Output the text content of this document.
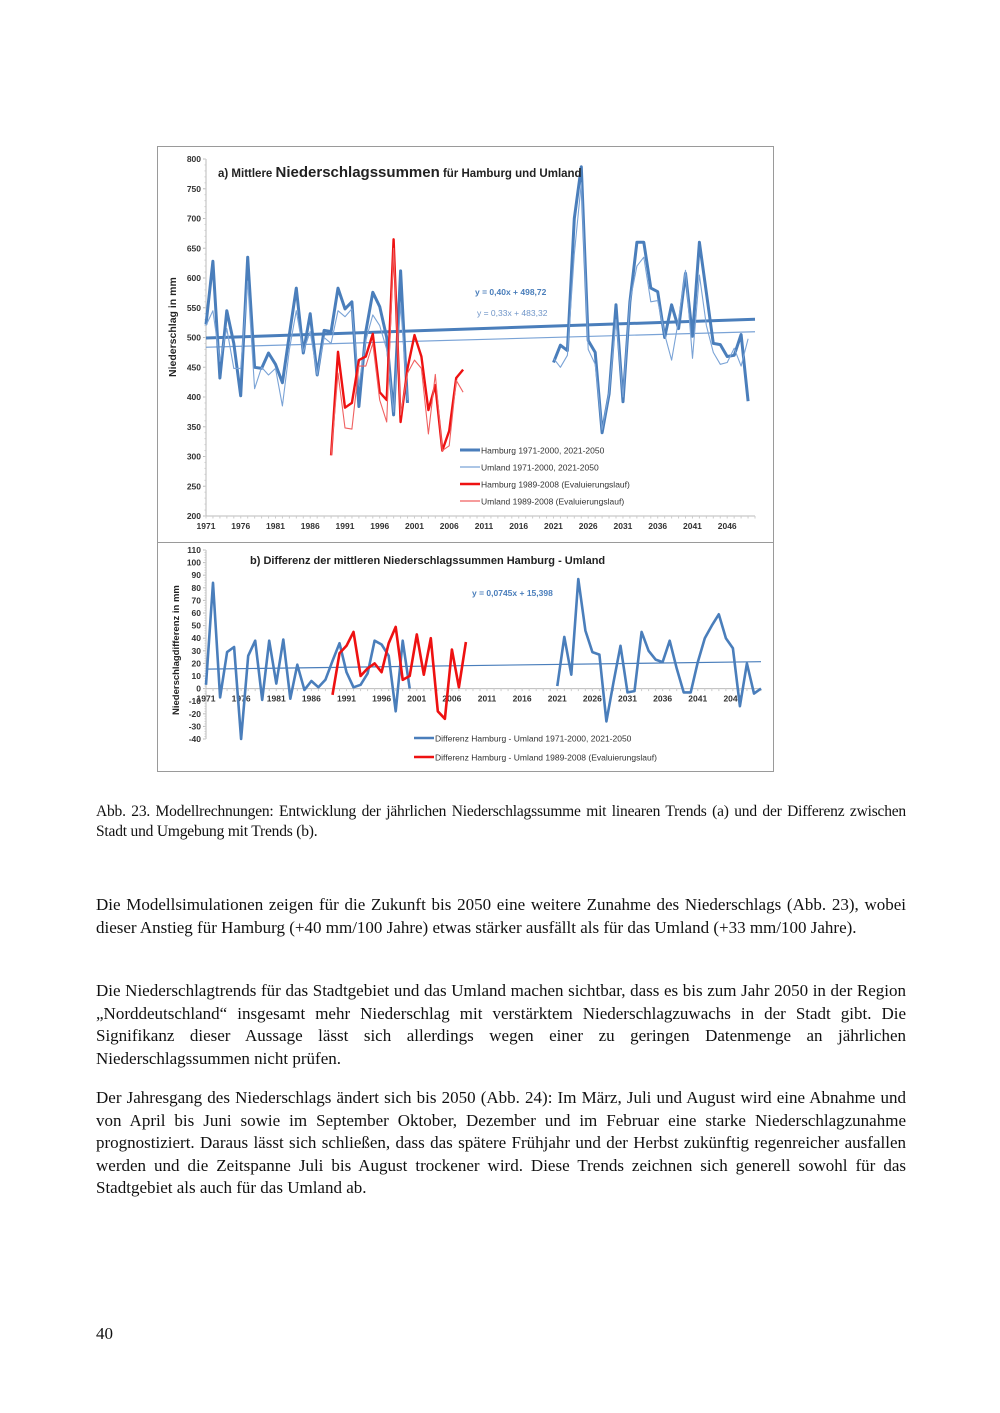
200
250
300
350
400
450
500
550
600
650
700
750
800
1971 1976 1981 1986 1991 1996 2001 2006 2011 2016 2021 2026 2031 2036 2041 2046
a) Mittlere Niederschlagssummen für Hamburg und Umland
Niederschlag in mm	y = 0,40x + 498,72
y = 0,33x + 483,32
Hamburg 1971-2000, 2021-2050
Umland 1971-2000, 2021-2050
Hamburg 1989-2008 (Evaluierungslauf)
Umland 1989-2008 (Evaluierungslauf)
-40
-30
-20
-10
0
10
20
30
40
50
60
70
80
90
100
110
1971 1976 1981 1986 1991 1996 2001 2006 2011 2016 2021 2026 2031 2036 2041 2046
b) Differenz der mittleren Niederschlagssummen Hamburg - Umland
Niederschlagdifferenz in mm	y = 0,0745x + 15,398
Differenz Hamburg - Umland 1971-2000, 2021-2050
Differenz Hamburg - Umland 1989-2008 (Evaluierungslauf)
Abb. 23. Modellrechnungen: Entwicklung der jährlichen Niederschlagssumme mit linearen Trends (a) und der Differenz zwischen Stadt und Umgebung mit Trends (b).

Die Modellsimulationen zeigen für die Zukunft bis 2050 eine weitere Zunahme des Niederschlags (Abb. 23), wobei dieser Anstieg für Hamburg (+40 mm/100 Jahre) etwas stärker ausfällt als für das Umland (+33 mm/100 Jahre).

Die Niederschlagtrends für das Stadtgebiet und das Umland machen sichtbar, dass es bis zum Jahr 2050 in der Region „Norddeutschland“ insgesamt mehr Niederschlag mit verstärktem Niederschlagzuwachs in der Stadt gibt. Die Signifikanz dieser Aussage lässt sich allerdings wegen einer zu geringen Datenmenge an jährlichen Niederschlagssummen nicht prüfen.

Der Jahresgang des Niederschlags ändert sich bis 2050 (Abb. 24): Im März, Juli und August wird eine Abnahme und von April bis Juni sowie im September Oktober, Dezember und im Februar eine starke Niederschlagzunahme prognostiziert. Daraus lässt sich schließen, dass das spätere Frühjahr und der Herbst zukünftig regenreicher ausfallen werden und die Zeitspanne Juli bis August trockener wird. Diese Trends zeichnen sich generell sowohl für das Stadtgebiet als auch für das Umland ab.

40
